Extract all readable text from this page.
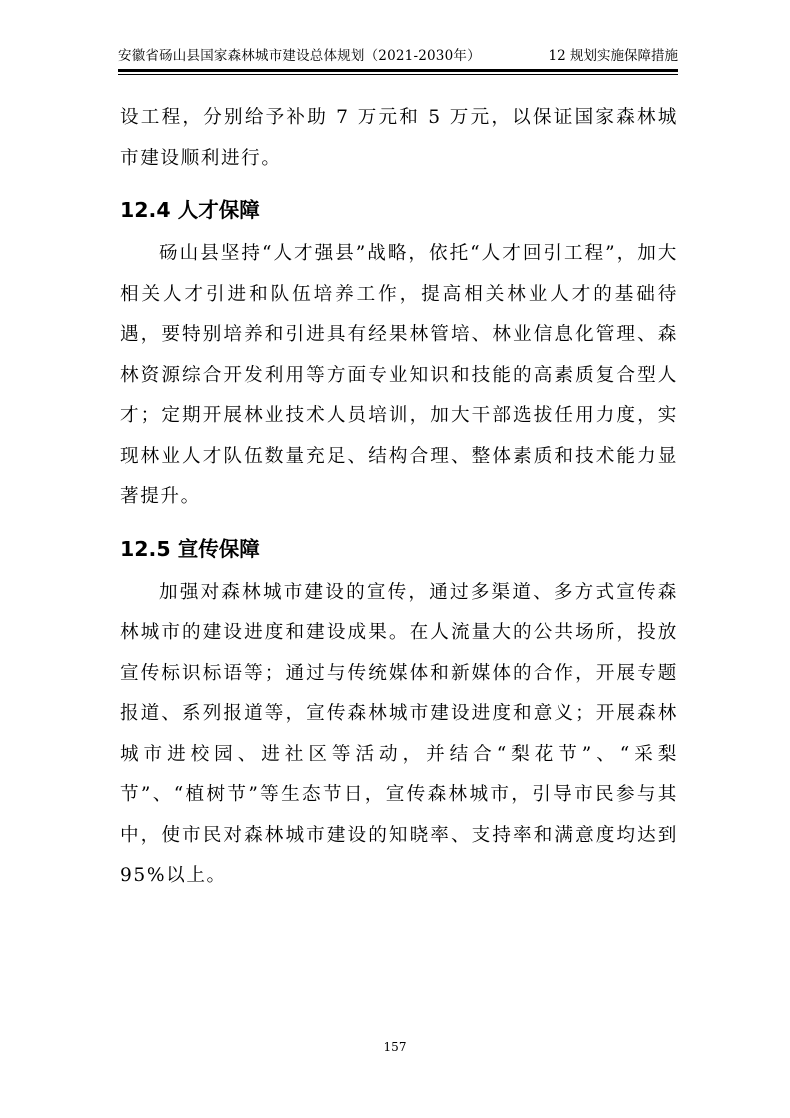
安徽省砀山县国家森林城市建设总体规划（2021-2030年）	12 规划实施保障措施

设工程，分别给予补助 7 万元和 5 万元，以保证国家森林城市建设顺利进行。

12.4 人才保障

砀山县坚持“人才强县”战略，依托“人才回引工程”，加大相关人才引进和队伍培养工作，提高相关林业人才的基础待遇，要特别培养和引进具有经果林管培、林业信息化管理、森林资源综合开发利用等方面专业知识和技能的高素质复合型人才；定期开展林业技术人员培训，加大干部选拔任用力度，实现林业人才队伍数量充足、结构合理、整体素质和技术能力显著提升。

12.5 宣传保障

加强对森林城市建设的宣传，通过多渠道、多方式宣传森林城市的建设进度和建设成果。在人流量大的公共场所，投放宣传标识标语等；通过与传统媒体和新媒体的合作，开展专题报道、系列报道等，宣传森林城市建设进度和意义；开展森林城市进校园、进社区等活动，并结合“梨花节”、“采梨节”、“植树节”等生态节日，宣传森林城市，引导市民参与其中，使市民对森林城市建设的知晓率、支持率和满意度均达到 95%以上。

157
